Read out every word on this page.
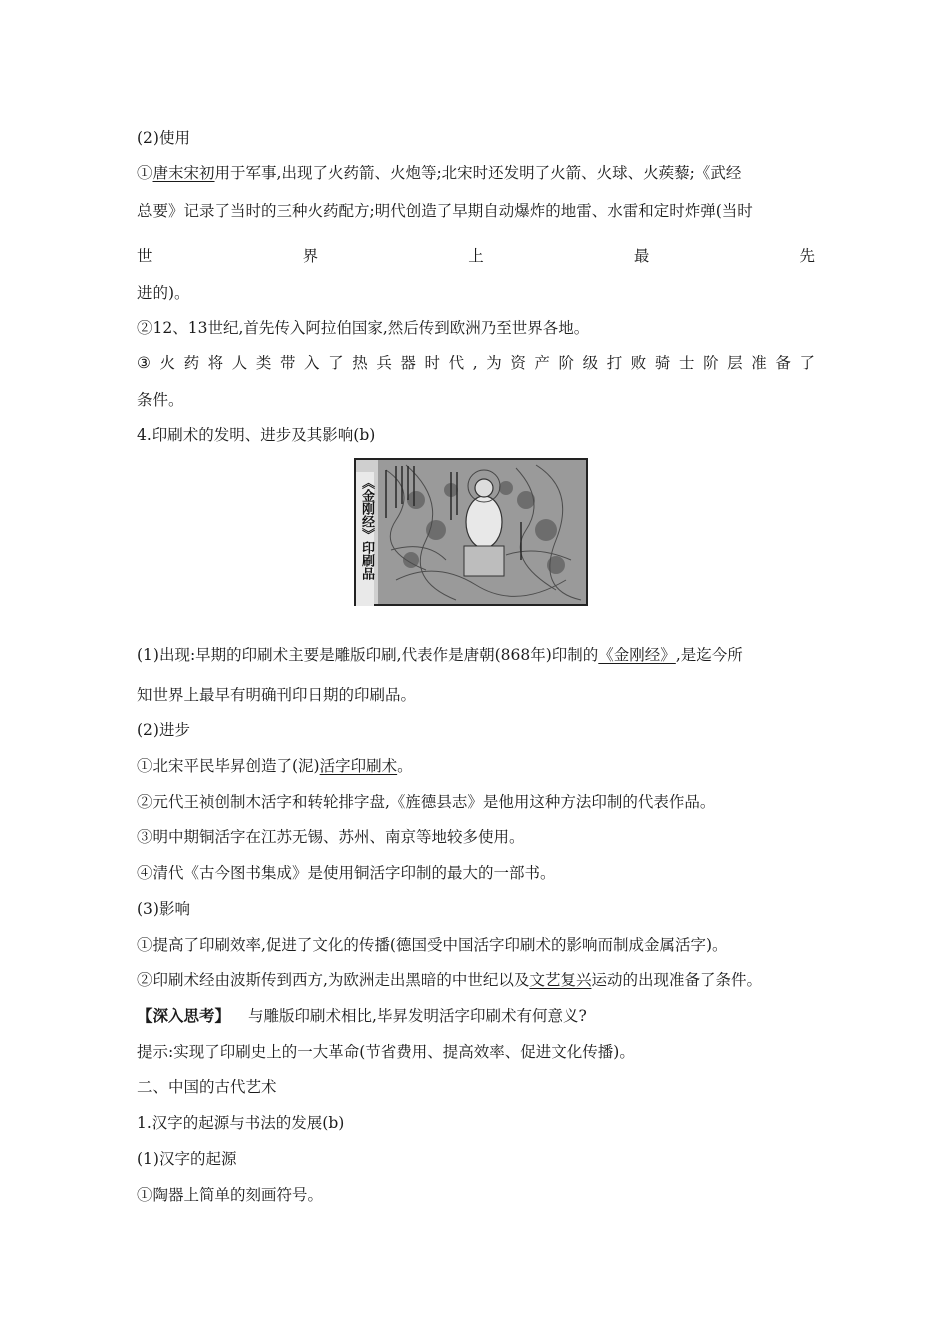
(2)使用
①唐末宋初用于军事,出现了火药箭、火炮等;北宋时还发明了火箭、火球、火蒺藜;《武经
总要》记录了当时的三种火药配方;明代创造了早期自动爆炸的地雷、水雷和定时炸弹(当时
世	界	上	最	先
进的)。
②12、13世纪,首先传入阿拉伯国家,然后传到欧洲乃至世界各地。
③ 火 药 将 人 类 带 入 了 热 兵 器 时 代 , 为 资 产 阶 级 打 败 骑 士 阶 层 准 备 了
条件。
4.印刷术的发明、进步及其影响(b)
《金刚经》印刷品
(1)出现:早期的印刷术主要是雕版印刷,代表作是唐朝(868年)印制的《金刚经》,是迄今所
知世界上最早有明确刊印日期的印刷品。
(2)进步
①北宋平民毕昇创造了(泥)活字印刷术。
②元代王祯创制木活字和转轮排字盘,《旌德县志》是他用这种方法印制的代表作品。
③明中期铜活字在江苏无锡、苏州、南京等地较多使用。
④清代《古今图书集成》是使用铜活字印制的最大的一部书。
(3)影响
①提高了印刷效率,促进了文化的传播(德国受中国活字印刷术的影响而制成金属活字)。
②印刷术经由波斯传到西方,为欧洲走出黑暗的中世纪以及文艺复兴运动的出现准备了条件。
【深入思考】 与雕版印刷术相比,毕昇发明活字印刷术有何意义?
提示:实现了印刷史上的一大革命(节省费用、提高效率、促进文化传播)。
二、中国的古代艺术
1.汉字的起源与书法的发展(b)
(1)汉字的起源
①陶器上简单的刻画符号。
